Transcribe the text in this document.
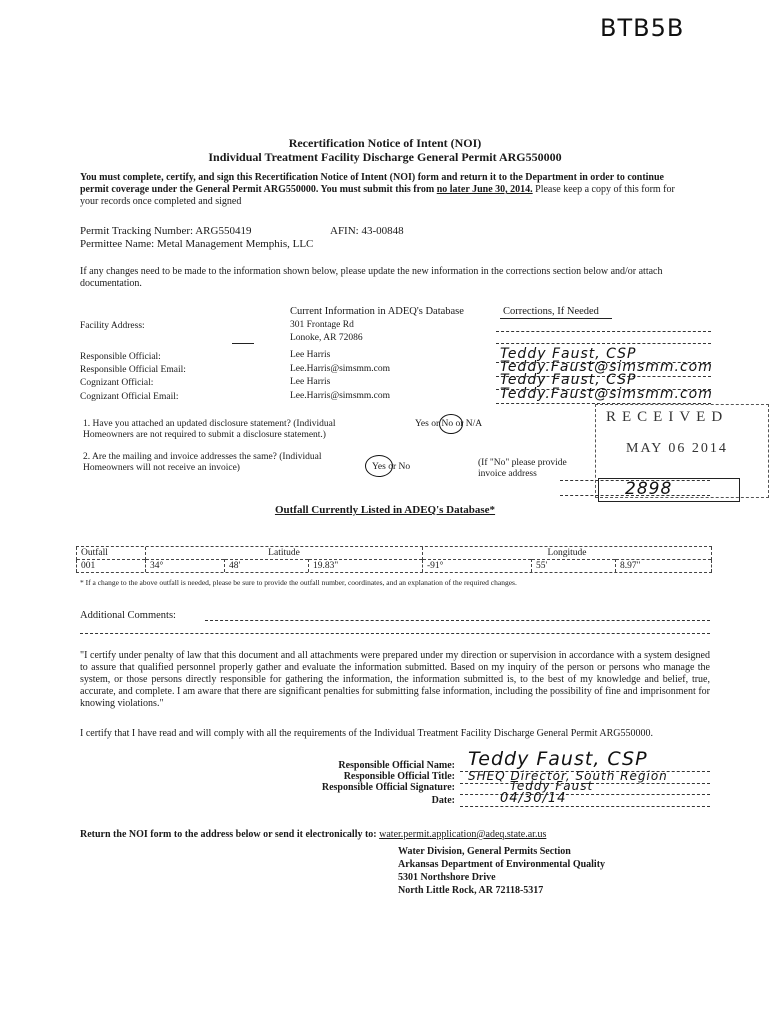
BTB5B
Recertification Notice of Intent (NOI)
Individual Treatment Facility Discharge General Permit ARG550000
You must complete, certify, and sign this Recertification Notice of Intent (NOI) form and return it to the Department in order to continue permit coverage under the General Permit ARG550000. You must submit this from no later June 30, 2014. Please keep a copy of this form for your records once completed and signed
Permit Tracking Number: ARG550419	AFIN: 43-00848
Permittee Name: Metal Management Memphis, LLC
If any changes need to be made to the information shown below, please update the new information in the corrections section below and/or attach documentation.
Current Information in ADEQ's Database	Corrections, If Needed
Facility Address:	301 Frontage Rd
Lonoke, AR 72086
Responsible Official:	Lee Harris	Teddy Faust, CSP
Responsible Official Email:	Lee.Harris@simsmm.com	Teddy.Faust@simsmm.com
Cognizant Official:	Lee Harris	Teddy Faust, CSP
Cognizant Official Email:	Lee.Harris@simsmm.com	Teddy.Faust@simsmm.com
1. Have you attached an updated disclosure statement? (Individual Homeowners are not required to submit a disclosure statement.)
Yes or No or N/A
2. Are the mailing and invoice addresses the same? (Individual Homeowners will not receive an invoice)	Yes or No	(If "No" please provide invoice address
RECEIVED
MAY 06 2014
2898
Outfall Currently Listed in ADEQ's Database*
Outfall	Latitude			Longitude		
001	34°	48'	19.83"	-91°	55'	8.97"
* If a change to the above outfall is needed, please be sure to provide the outfall number, coordinates, and an explanation of the required changes.
Additional Comments:
"I certify under penalty of law that this document and all attachments were prepared under my direction or supervision in accordance with a system designed to assure that qualified personnel properly gather and evaluate the information submitted. Based on my inquiry of the person or persons who manage the system, or those persons directly responsible for gathering the information, the information submitted is, to the best of my knowledge and belief, true, accurate, and complete. I am aware that there are significant penalties for submitting false information, including the possibility of fine and imprisonment for knowing violations."
I certify that I have read and will comply with all the requirements of the Individual Treatment Facility Discharge General Permit ARG550000.
Responsible Official Name: Teddy Faust, CSP
Responsible Official Title: SHEQ Director, South Region
Responsible Official Signature:	Teddy Faust
Date:	04/30/14
Return the NOI form to the address below or send it electronically to: water.permit.application@adeq.state.ar.us
Water Division, General Permits Section
Arkansas Department of Environmental Quality
5301 Northshore Drive
North Little Rock, AR 72118-5317
